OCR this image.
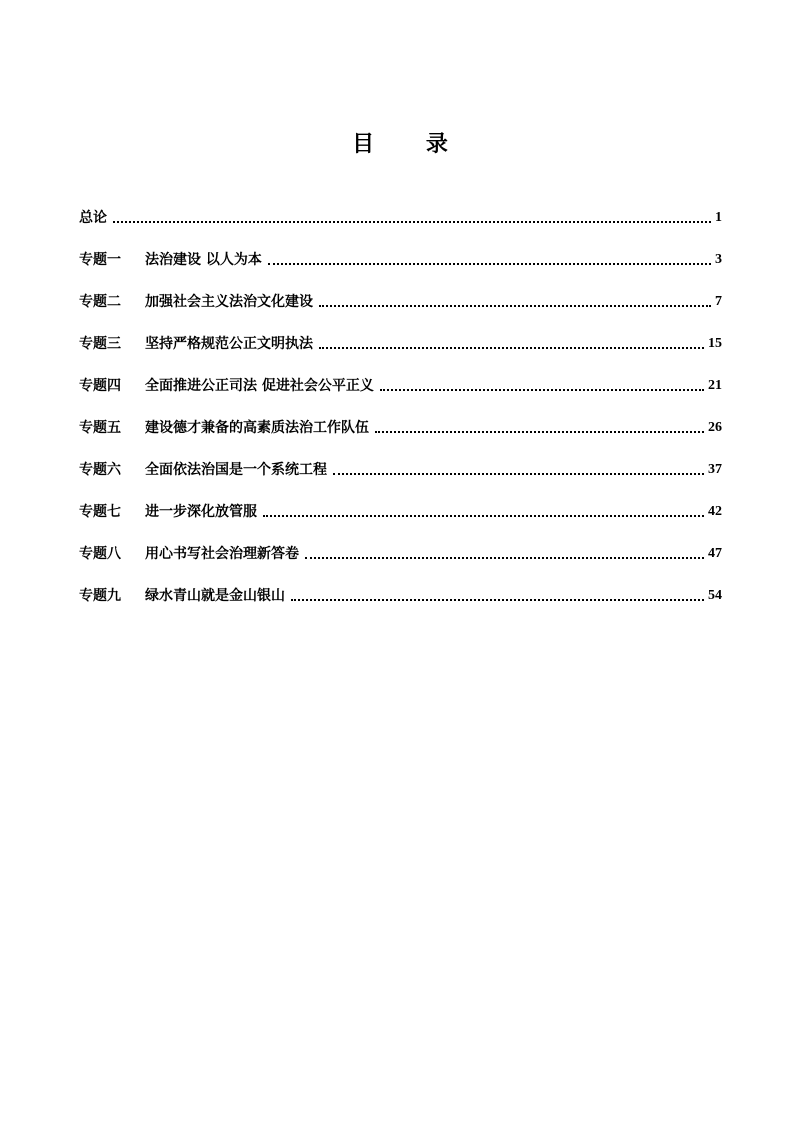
目 录
总论	1
专题一 法治建设 以人为本	3
专题二 加强社会主义法治文化建设	7
专题三 坚持严格规范公正文明执法	15
专题四 全面推进公正司法 促进社会公平正义	21
专题五 建设德才兼备的高素质法治工作队伍	26
专题六 全面依法治国是一个系统工程	37
专题七 进一步深化放管服	42
专题八 用心书写社会治理新答卷	47
专题九 绿水青山就是金山银山	54
